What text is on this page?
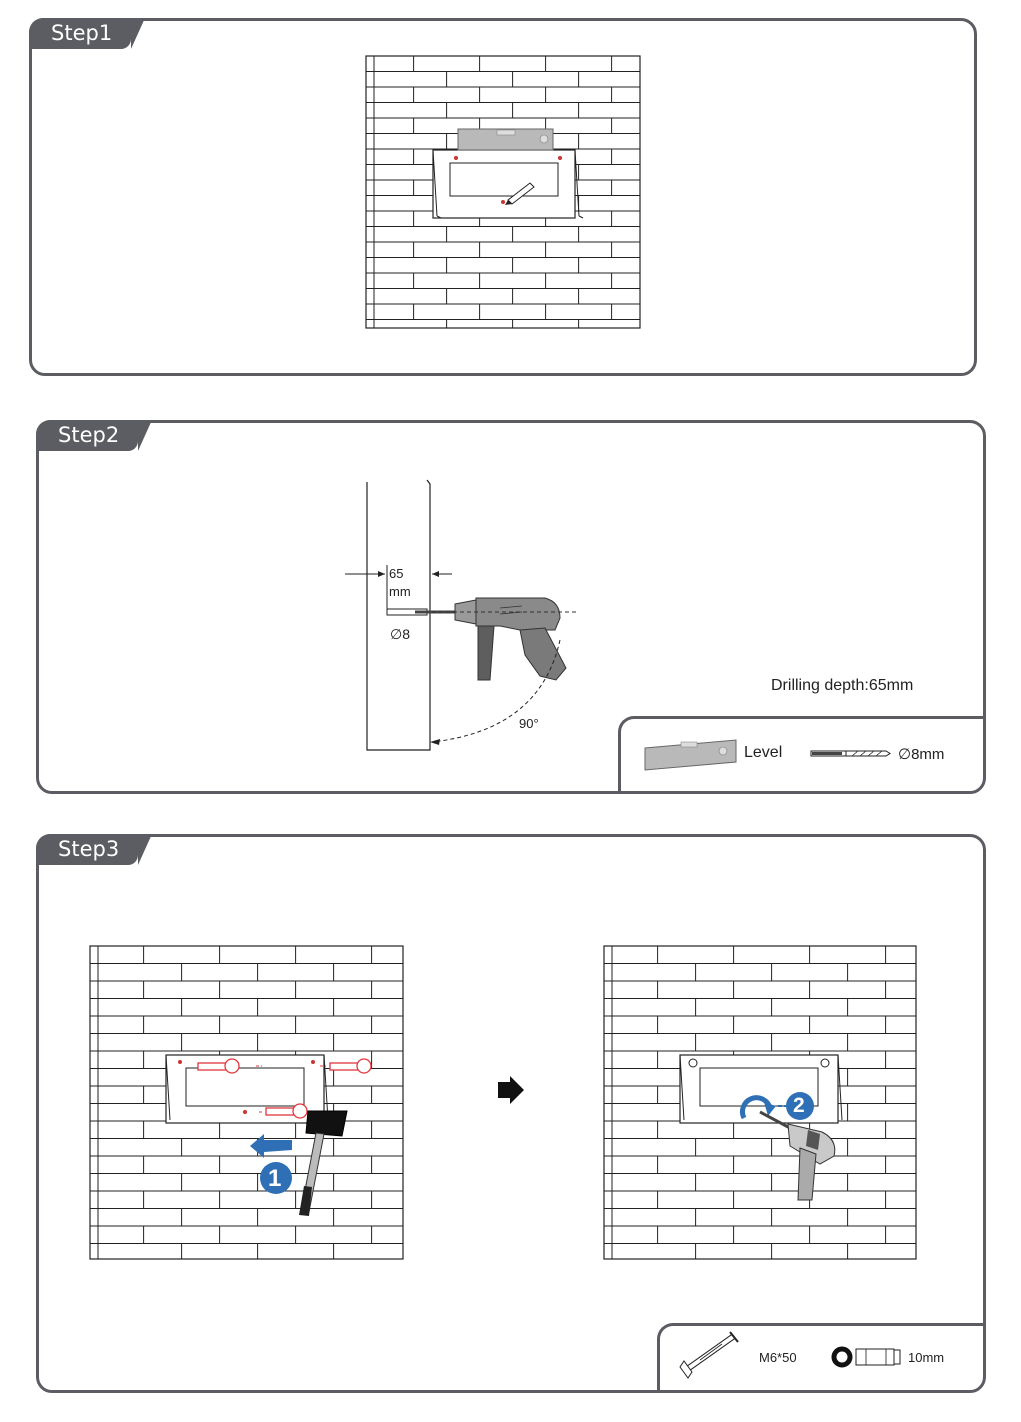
Step1
Step2
65
mm
∅8
90°
Drilling depth:65mm
Level	∅8mm
Step3
1
2
M6*50	10mm
